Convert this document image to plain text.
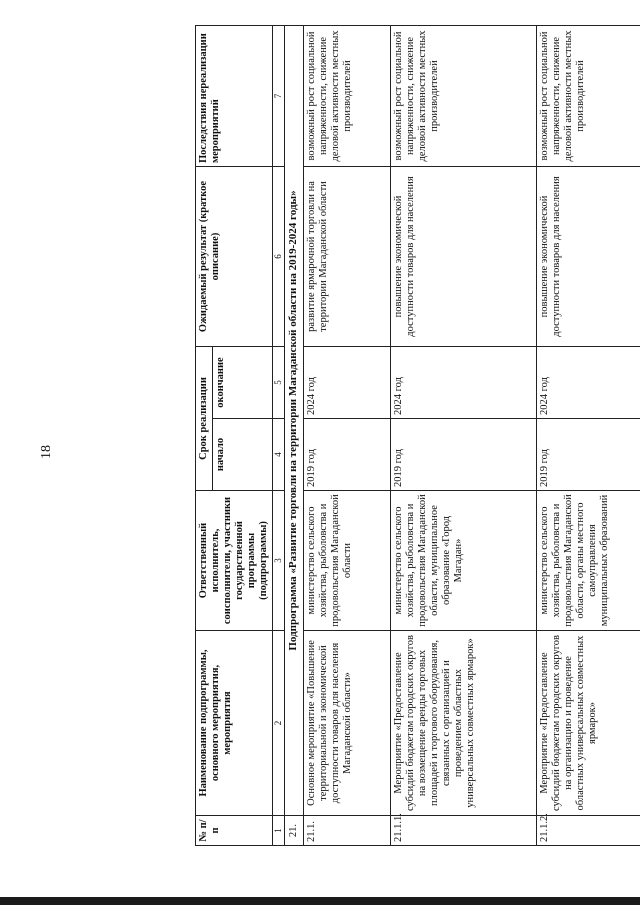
18
№ п/п	Наименование подпрограммы, основного мероприятия, мероприятия	Ответственный исполнитель, соисполнители, участники государственной программы (подпрограммы)	Срок реализации		Ожидаемый результат (краткое описание)	Последствия нереализации мероприятий
			начало	окончание		
1	2	3	4	5	6	7
21.	Подпрограмма «Развитие торговли на территории Магаданской области на 2019-2024 годы»					
21.1.	Основное мероприятие «Повышение территориальной и экономической доступности товаров для населения Магаданской области»	министерство сельского хозяйства, рыболовства и продовольствия Магаданской области	2019 год	2024 год	развитие ярмарочной торговли на территории Магаданской области	возможный рост социальной напряженности, снижение деловой активности местных производителей
21.1.1.	Мероприятие «Предоставление субсидий бюджетам городских округов на возмещение аренды торговых площадей и торгового оборудования, связанных с организацией и проведением областных универсальных совместных ярмарок»	министерство сельского хозяйства, рыболовства и продовольствия Магаданской области, муниципальное образование «Город Магадан»	2019 год	2024 год	повышение экономической доступности товаров для населения	возможный рост социальной напряженности, снижение деловой активности местных производителей
21.1.2.	Мероприятие «Предоставление субсидий бюджетам городских округов на организацию и проведение областных универсальных совместных ярмарок»	министерство сельского хозяйства, рыболовства и продовольствия Магаданской области, органы местного самоуправления муниципальных образований	2019 год	2024 год	повышение экономической доступности товаров для населения	возможный рост социальной напряженности, снижение деловой активности местных производителей
